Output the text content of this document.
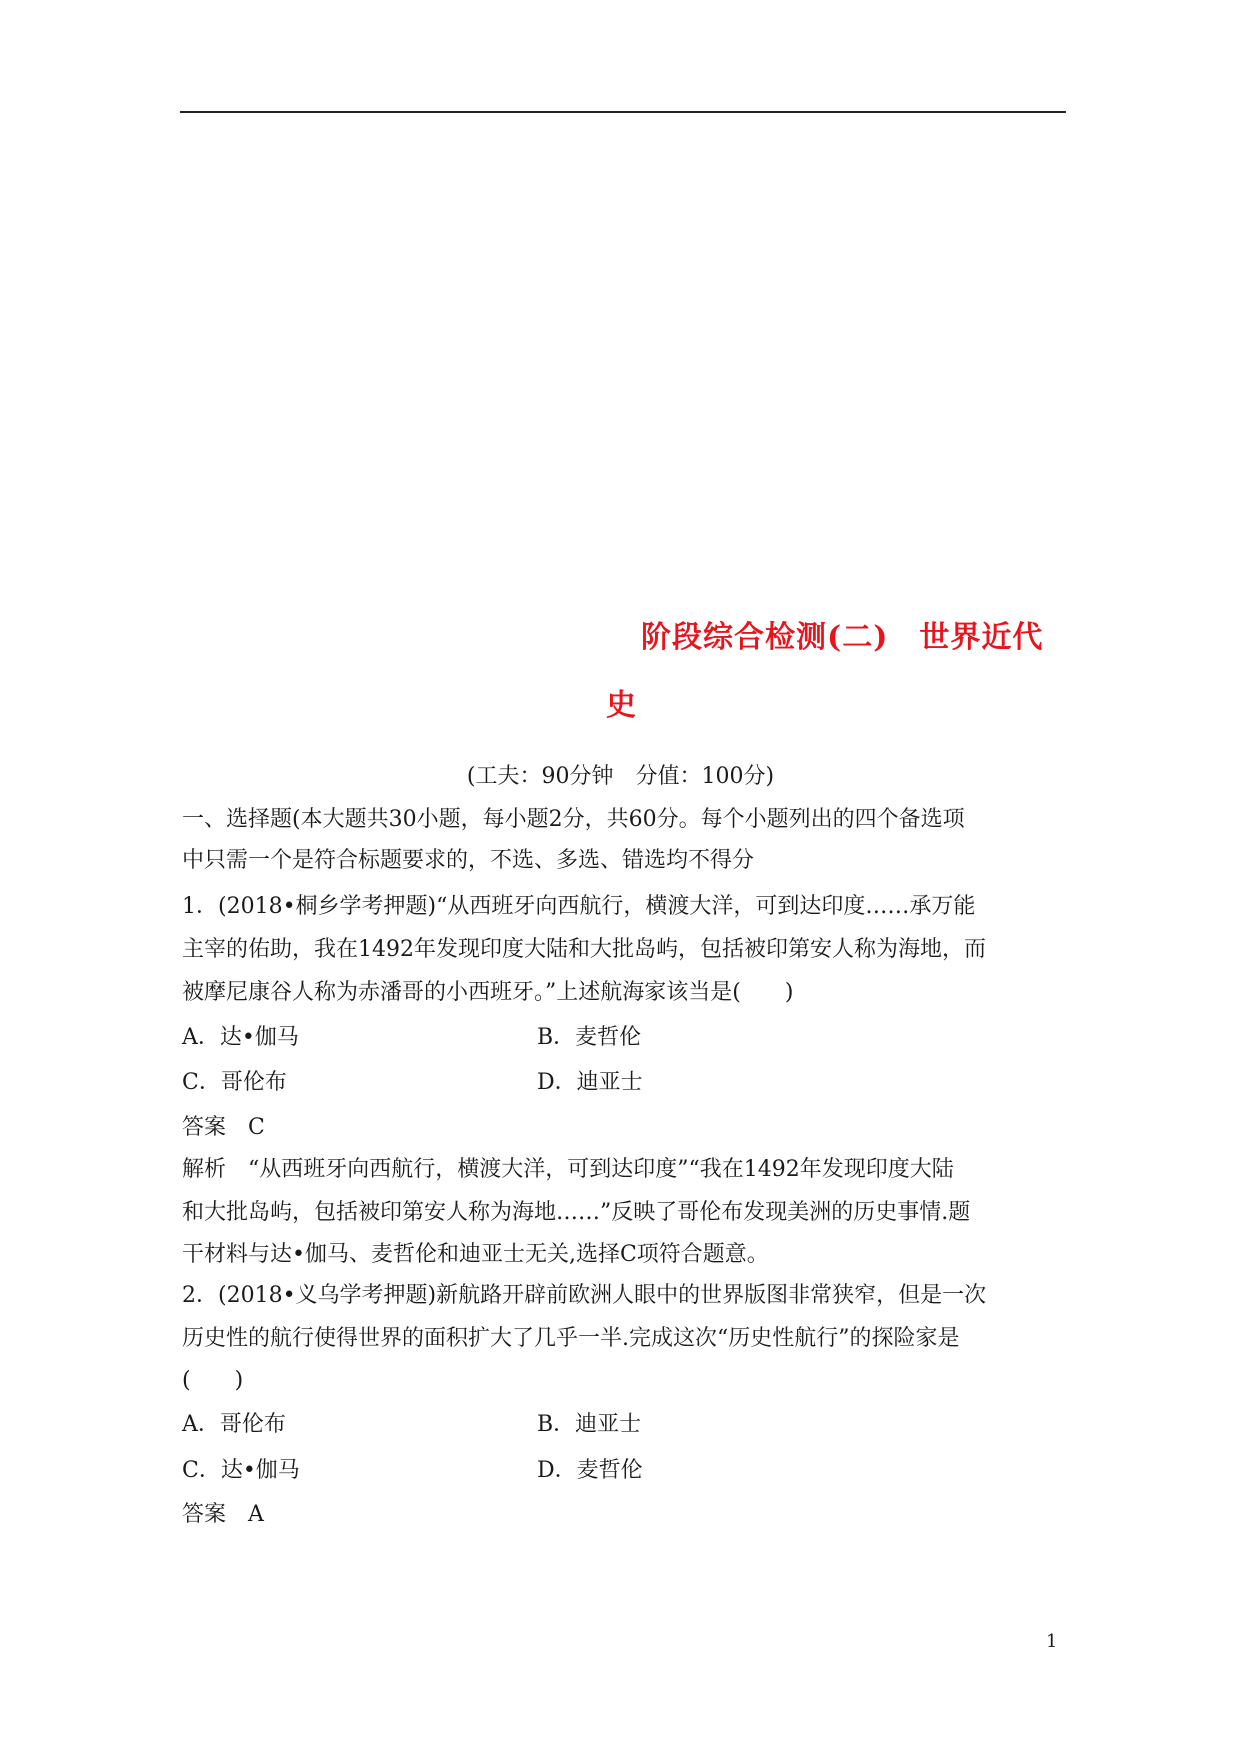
阶段综合检测(二)　世界近代
史
(工夫：90分钟　分值：100分)
一、选择题(本大题共30小题，每小题2分，共60分。每个小题列出的四个备选项
中只需一个是符合标题要求的，不选、多选、错选均不得分
1．(2018•桐乡学考押题)“从西班牙向西航行，横渡大洋，可到达印度……承万能
主宰的佑助，我在1492年发现印度大陆和大批岛屿，包括被印第安人称为海地，而
被摩尼康谷人称为赤潘哥的小西班牙。”上述航海家该当是(　　)
A．达•伽马	B．麦哲伦
C．哥伦布	D．迪亚士
答案　C
解析　“从西班牙向西航行，横渡大洋，可到达印度”“我在1492年发现印度大陆
和大批岛屿，包括被印第安人称为海地……”反映了哥伦布发现美洲的历史事情.题
干材料与达•伽马、麦哲伦和迪亚士无关,选择C项符合题意。
2．(2018•义乌学考押题)新航路开辟前欧洲人眼中的世界版图非常狭窄，但是一次
历史性的航行使得世界的面积扩大了几乎一半.完成这次“历史性航行”的探险家是
(　　)
A．哥伦布	B．迪亚士
C．达•伽马	D．麦哲伦
答案　A
1
